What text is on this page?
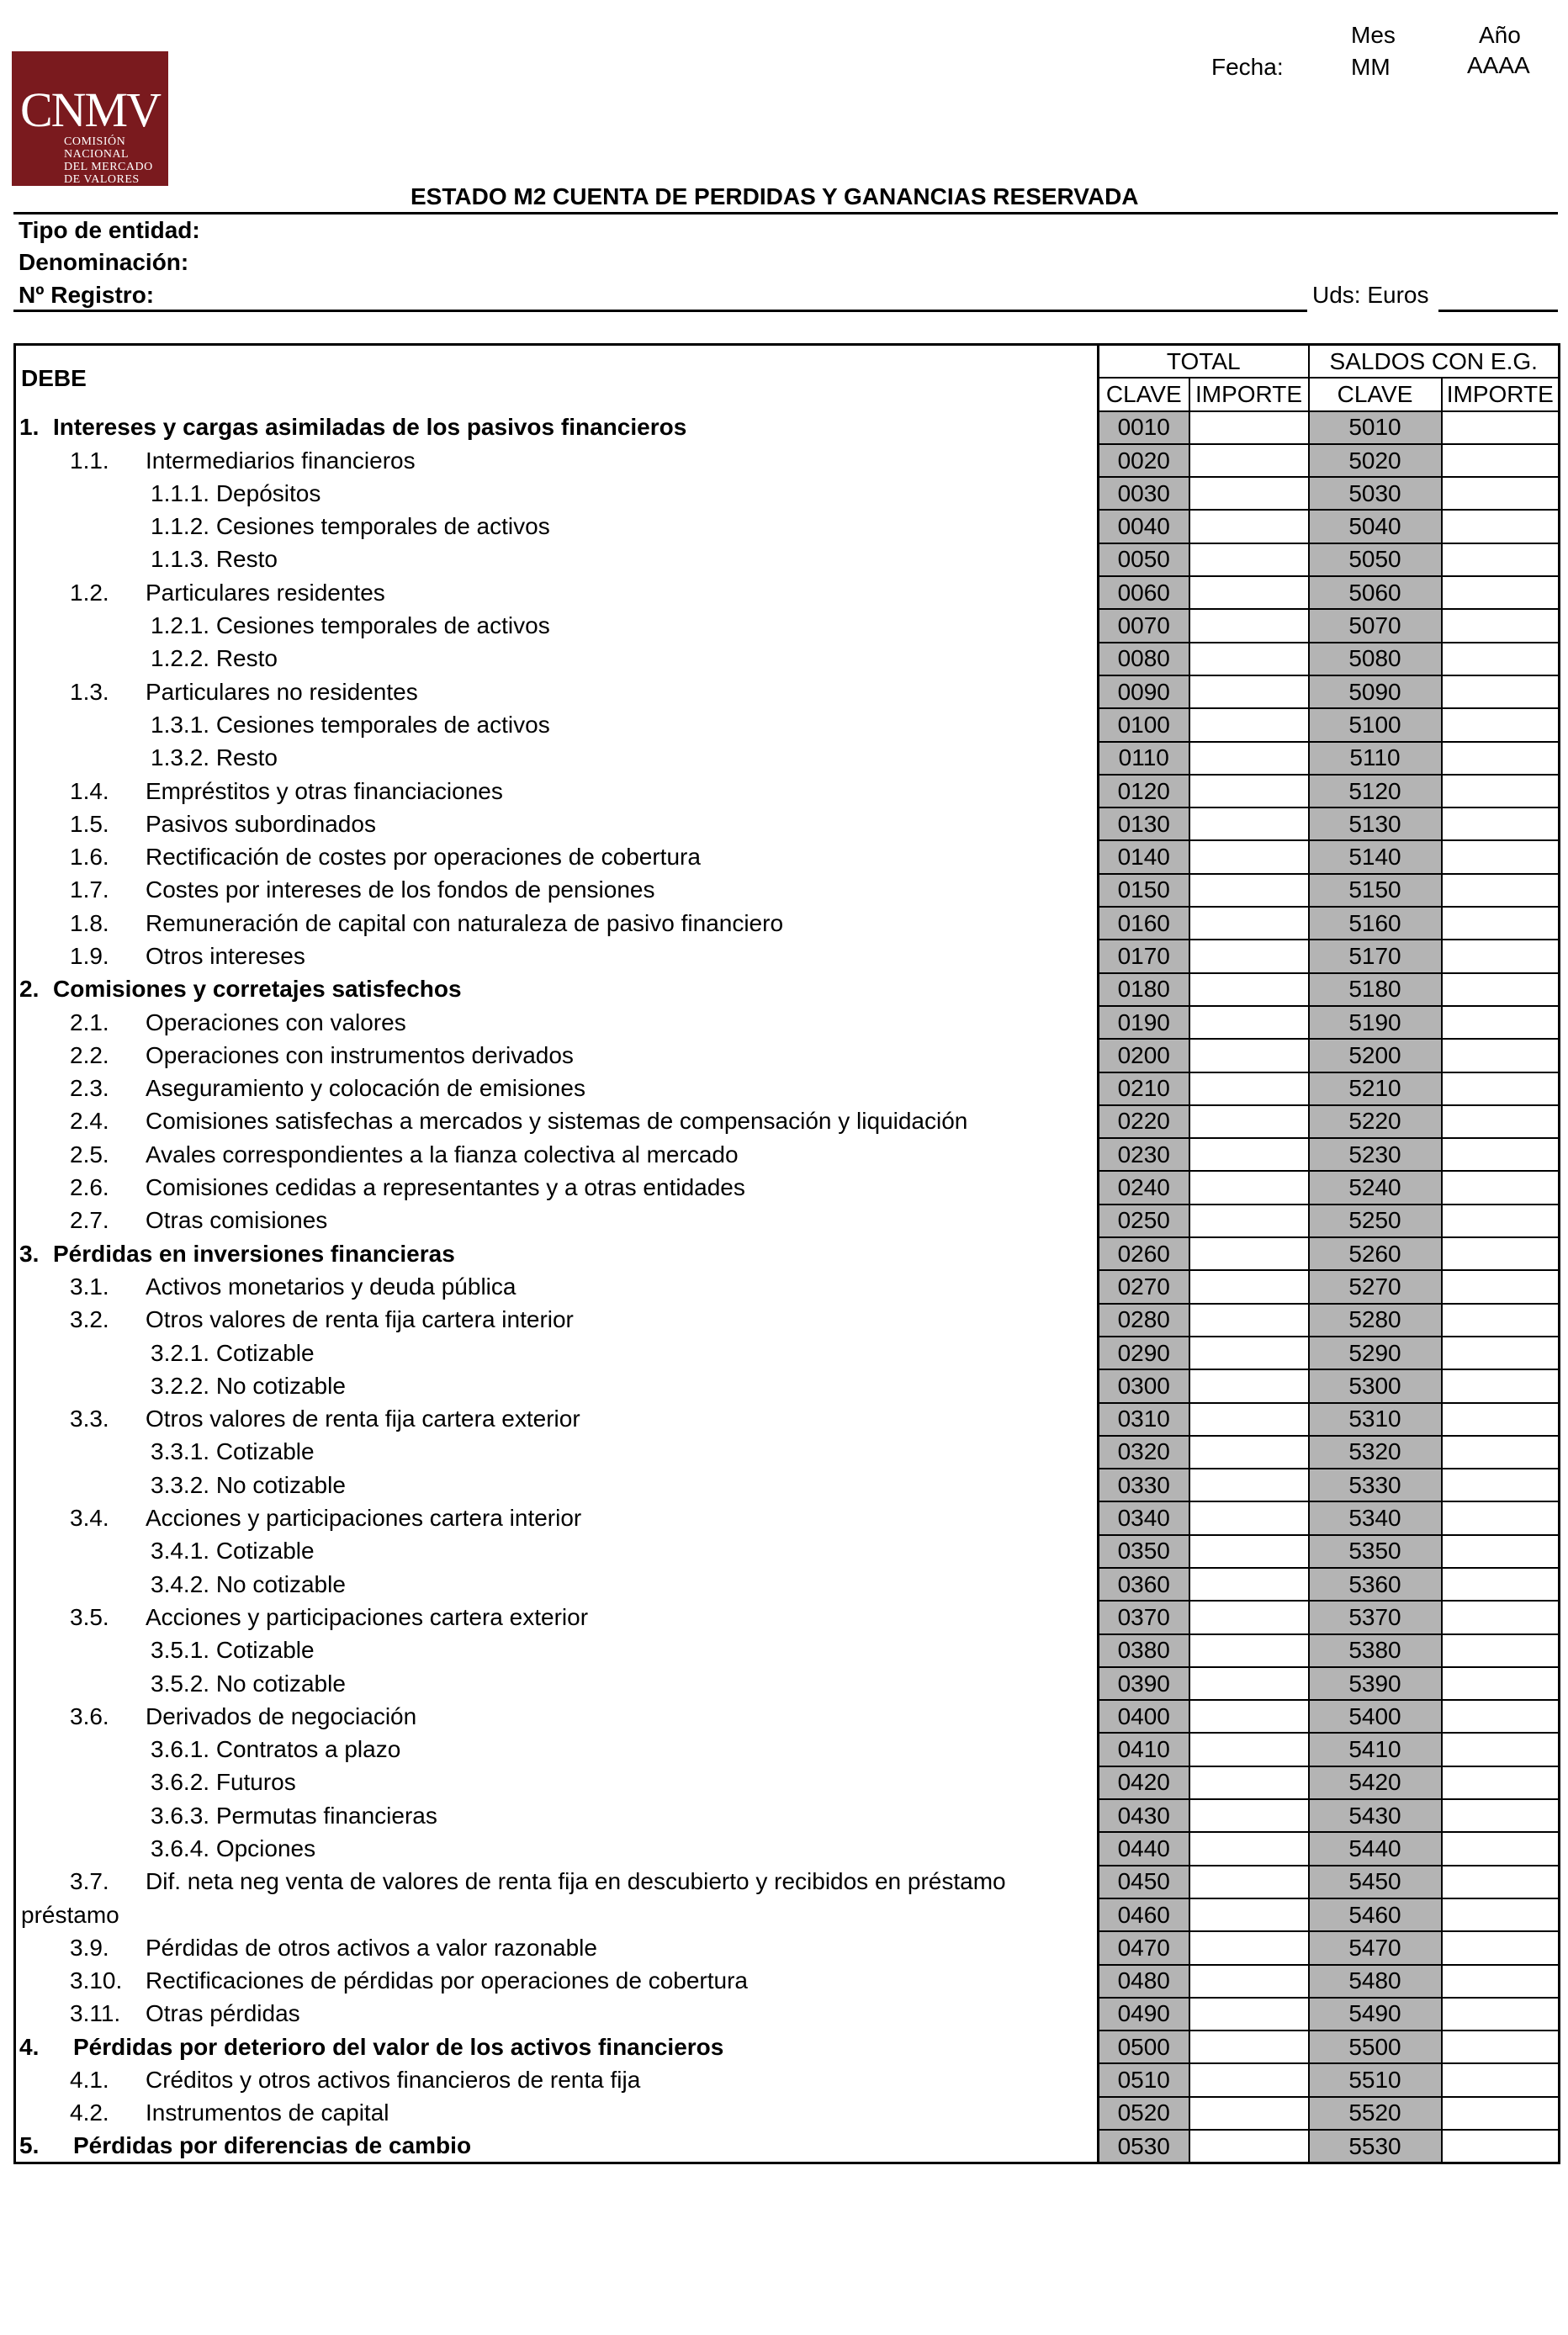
CNMV
COMISIÓN
NACIONAL
DEL MERCADO
DE VALORES
Mes	Año
Fecha:	MM	AAAA
ESTADO M2 CUENTA DE PERDIDAS Y GANANCIAS RESERVADA
Tipo de entidad:
Denominación:
Nº Registro:	Uds: Euros
DEBE	TOTAL		SALDOS CON E.G.	
	CLAVE	IMPORTE	CLAVE	IMPORTE
1. Intereses y cargas asimiladas de los pasivos financieros	0010		5010	
1.1. Intermediarios financieros	0020		5020	
1.1.1. Depósitos	0030		5030	
1.1.2. Cesiones temporales de activos	0040		5040	
1.1.3. Resto	0050		5050	
1.2. Particulares residentes	0060		5060	
1.2.1. Cesiones temporales de activos	0070		5070	
1.2.2. Resto	0080		5080	
1.3. Particulares no residentes	0090		5090	
1.3.1. Cesiones temporales de activos	0100		5100	
1.3.2. Resto	0110		5110	
1.4. Empréstitos y otras financiaciones	0120		5120	
1.5. Pasivos subordinados	0130		5130	
1.6. Rectificación de costes por operaciones de cobertura	0140		5140	
1.7. Costes por intereses de los fondos de pensiones	0150		5150	
1.8. Remuneración de capital con naturaleza de pasivo financiero	0160		5160	
1.9. Otros intereses	0170		5170	
2. Comisiones y corretajes satisfechos	0180		5180	
2.1. Operaciones con valores	0190		5190	
2.2. Operaciones con instrumentos derivados	0200		5200	
2.3. Aseguramiento y colocación de emisiones	0210		5210	
2.4. Comisiones satisfechas a mercados y sistemas de compensación y liquidación	0220		5220	
2.5. Avales correspondientes a la fianza colectiva al mercado	0230		5230	
2.6. Comisiones cedidas a representantes y a otras entidades	0240		5240	
2.7. Otras comisiones	0250		5250	
3. Pérdidas en inversiones financieras	0260		5260	
3.1. Activos monetarios y deuda pública	0270		5270	
3.2. Otros valores de renta fija cartera interior	0280		5280	
3.2.1. Cotizable	0290		5290	
3.2.2. No cotizable	0300		5300	
3.3. Otros valores de renta fija cartera exterior	0310		5310	
3.3.1. Cotizable	0320		5320	
3.3.2. No cotizable	0330		5330	
3.4. Acciones y participaciones cartera interior	0340		5340	
3.4.1. Cotizable	0350		5350	
3.4.2. No cotizable	0360		5360	
3.5. Acciones y participaciones cartera exterior	0370		5370	
3.5.1. Cotizable	0380		5380	
3.5.2. No cotizable	0390		5390	
3.6. Derivados de negociación	0400		5400	
3.6.1. Contratos a plazo	0410		5410	
3.6.2. Futuros	0420		5420	
3.6.3. Permutas financieras	0430		5430	
3.6.4. Opciones	0440		5440	
3.7. Dif. neta neg venta de valores de renta fija en descubierto y recibidos en préstamo	0450		5450	
préstamo	0460		5460	
3.9. Pérdidas de otros activos a valor razonable	0470		5470	
3.10. Rectificaciones de pérdidas por operaciones de cobertura	0480		5480	
3.11. Otras pérdidas	0490		5490	
4. Pérdidas por deterioro del valor de los activos financieros	0500		5500	
4.1. Créditos y otros activos financieros de renta fija	0510		5510	
4.2. Instrumentos de capital	0520		5520	
5. Pérdidas por diferencias de cambio	0530		5530	
